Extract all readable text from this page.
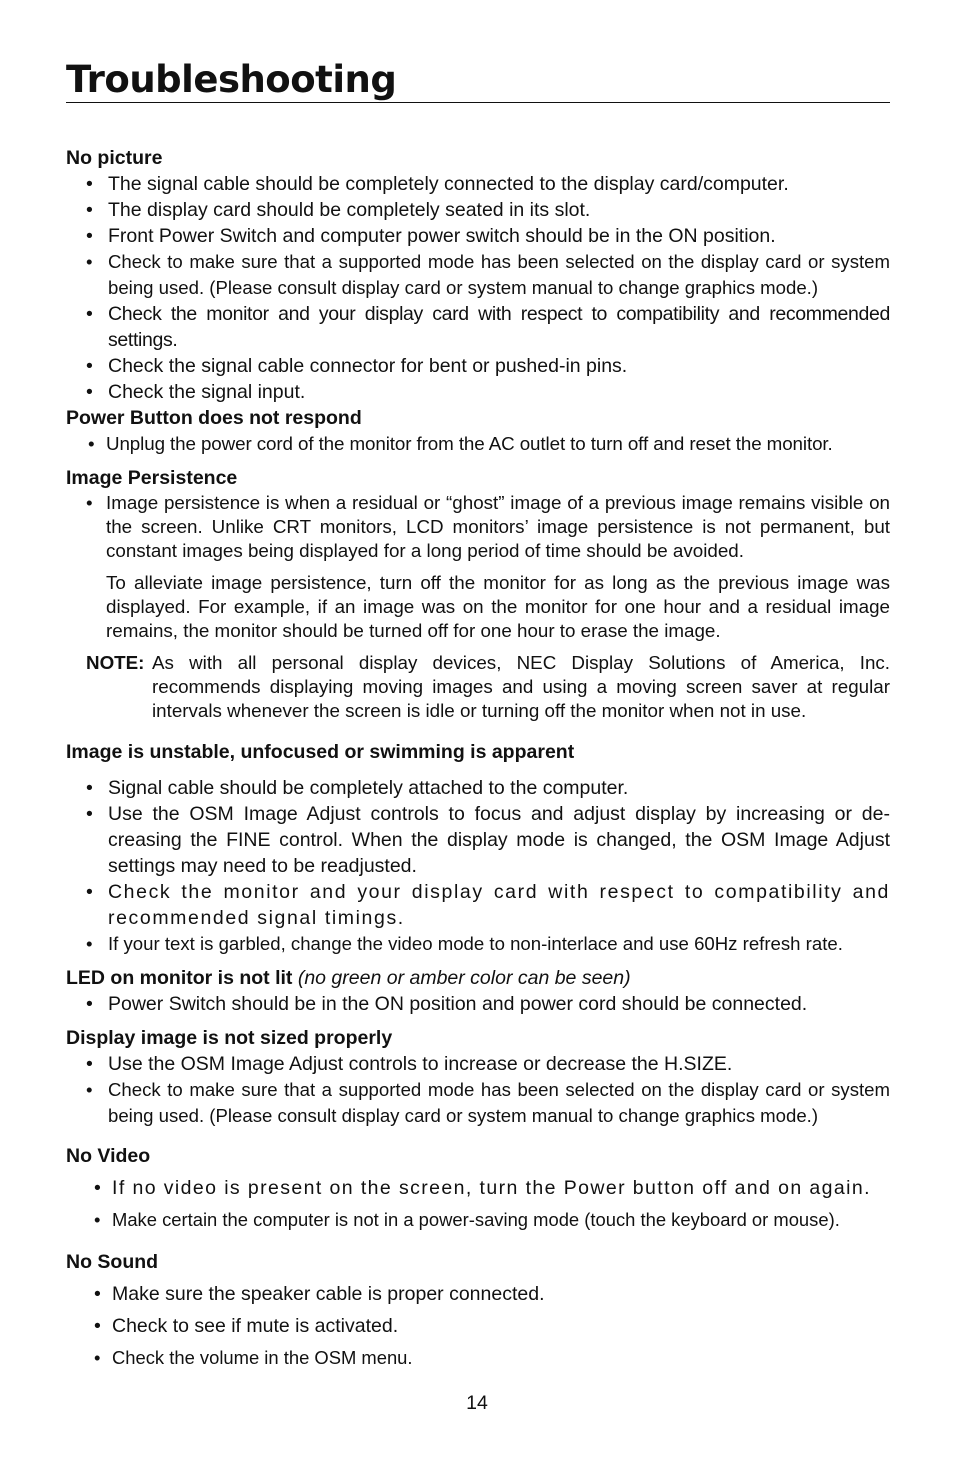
Troubleshooting
No picture
• The signal cable should be completely connected to the display card/computer.
• The display card should be completely seated in its slot.
• Front Power Switch and computer power switch should be in the ON position.
• Check to make sure that a supported mode has been selected on the display card or system being used. (Please consult display card or system manual to change graphics mode.)
• Check the monitor and your display card with respect to compatibility and recommended settings.
• Check the signal cable connector for bent or pushed-in pins.
• Check the signal input.
Power Button does not respond
• Unplug the power cord of the monitor from the AC outlet to turn off and reset the monitor.
Image Persistence
• Image persistence is when a residual or “ghost” image of a previous image remains visible on the screen. Unlike CRT monitors, LCD monitors’ image persistence is not permanent, but constant images being displayed for a long period of time should be avoided.

To alleviate image persistence, turn off the monitor for as long as the previous image was displayed. For example, if an image was on the monitor for one hour and a residual image remains, the monitor should be turned off for one hour to erase the image.

NOTE: As with all personal display devices, NEC Display Solutions of America, Inc. recommends displaying moving images and using a moving screen saver at regular intervals whenever the screen is idle or turning off the monitor when not in use.
Image is unstable, unfocused or swimming is apparent
• Signal cable should be completely attached to the computer.
• Use the OSM Image Adjust controls to focus and adjust display by increasing or de-creasing the FINE control. When the display mode is changed, the OSM Image Adjust settings may need to be readjusted.
• Check the monitor and your display card with respect to compatibility and recommended signal timings.
• If your text is garbled, change the video mode to non-interlace and use 60Hz refresh rate.
LED on monitor is not lit (no green or amber color can be seen)
• Power Switch should be in the ON position and power cord should be connected.
Display image is not sized properly
• Use the OSM Image Adjust controls to increase or decrease the H.SIZE.
• Check to make sure that a supported mode has been selected on the display card or system being used. (Please consult display card or system manual to change graphics mode.)
No Video
• If no video is present on the screen, turn the Power button off and on again.
• Make certain the computer is not in a power-saving mode (touch the keyboard or mouse).
No Sound
• Make sure the speaker cable is proper connected.
• Check to see if mute is activated.
• Check the volume in the OSM menu.
14
